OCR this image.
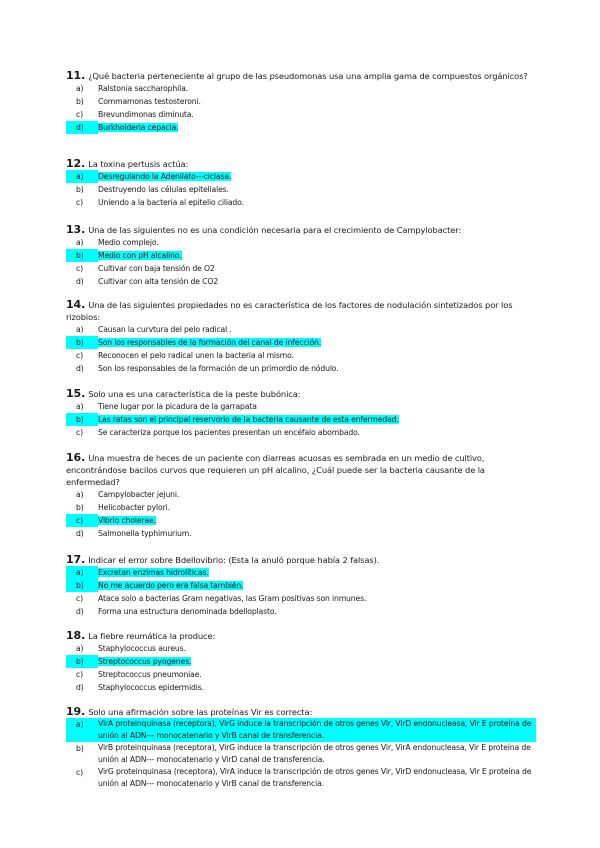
11. ¿Qué bacteria perteneciente al grupo de las pseudomonas usa una amplia gama de compuestos orgánicos?
a) Ralstonia saccharophila.
b) Commamonas testosteroni.
c) Brevundimonas diminuta.
d) Burkholderia cepacia.
12. La toxina pertusis actúa:
a) Desregulando la Adenilato---ciclasa.
b) Destruyendo las células epiteliales.
c) Uniendo a la bacteria al epitelio ciliado.
13. Una de las siguientes no es una condición necesaria para el crecimiento de Campylobacter:
a) Medio complejo.
b) Medio con pH alcalino.
c) Cultivar con baja tensión de O2
d) Cultivar con alta tensión de CO2
14. Una de las siguientes propiedades no es característica de los factores de nodulación sintetizados por los rizobios:
a) Causan la curvtura del pelo radical .
b) Son los responsables de la formación del canal de infección.
c) Reconocen el pelo radical unen la bacteria al mismo.
d) Son los responsables de la formación de un primordio de nódulo.
15. Solo una es una característica de la peste bubónica:
a) Tiene lugar por la picadura de la garrapata
b) Las ratas son el principal reservorio de la bacteria causante de esta enfermedad.
c) Se caracteriza porque los pacientes presentan un encéfalo abombado.
16. Una muestra de heces de un paciente con diarreas acuosas es sembrada en un medio de cultivo, encontrándose bacilos curvos que requieren un pH alcalino, ¿Cuál puede ser la bacteria causante de la enfermedad?
a) Campylobacter jejuni.
b) Helicobacter pylori.
c) Vibrio cholerae.
d) Salmonella typhimurium.
17. Indicar el error sobre Bdellovibrio: (Esta la anuló porque había 2 falsas).
a) Excretan enzimas hidrolíticas.
b) No me acuerdo pero era falsa también.
c) Ataca solo a bacterias Gram negativas, las Gram positivas son inmunes.
d) Forma una estructura denominada bdelloplasto.
18. La fiebre reumática la produce:
a) Staphylococcus aureus.
b) Streptococcus pyogenes.
c) Streptococcus pneumoniae.
d) Staphylococcus epidermidis.
19. Solo una afirmación sobre las proteínas Vir es correcta:
a)	VirA proteinquinasa (receptora), VirG induce la transcripción de otros genes Vir, VirD endonucleasa, Vir E proteína de unión al ADN--- monocatenario y VirB canal de transferencia.
b)	VirB proteinquinasa (receptora), VirG induce la transcripción de otros genes Vir, VirA endonucleasa, Vir E proteína de unión al ADN--- monocatenario y VirD canal de transferencia.
c)	VirG proteinquinasa (receptora), VirA induce la transcripción de otros genes Vir, VirD endonucleasa, Vir E proteína de unión al ADN--- monocatenario y VirB canal de transferencia.
